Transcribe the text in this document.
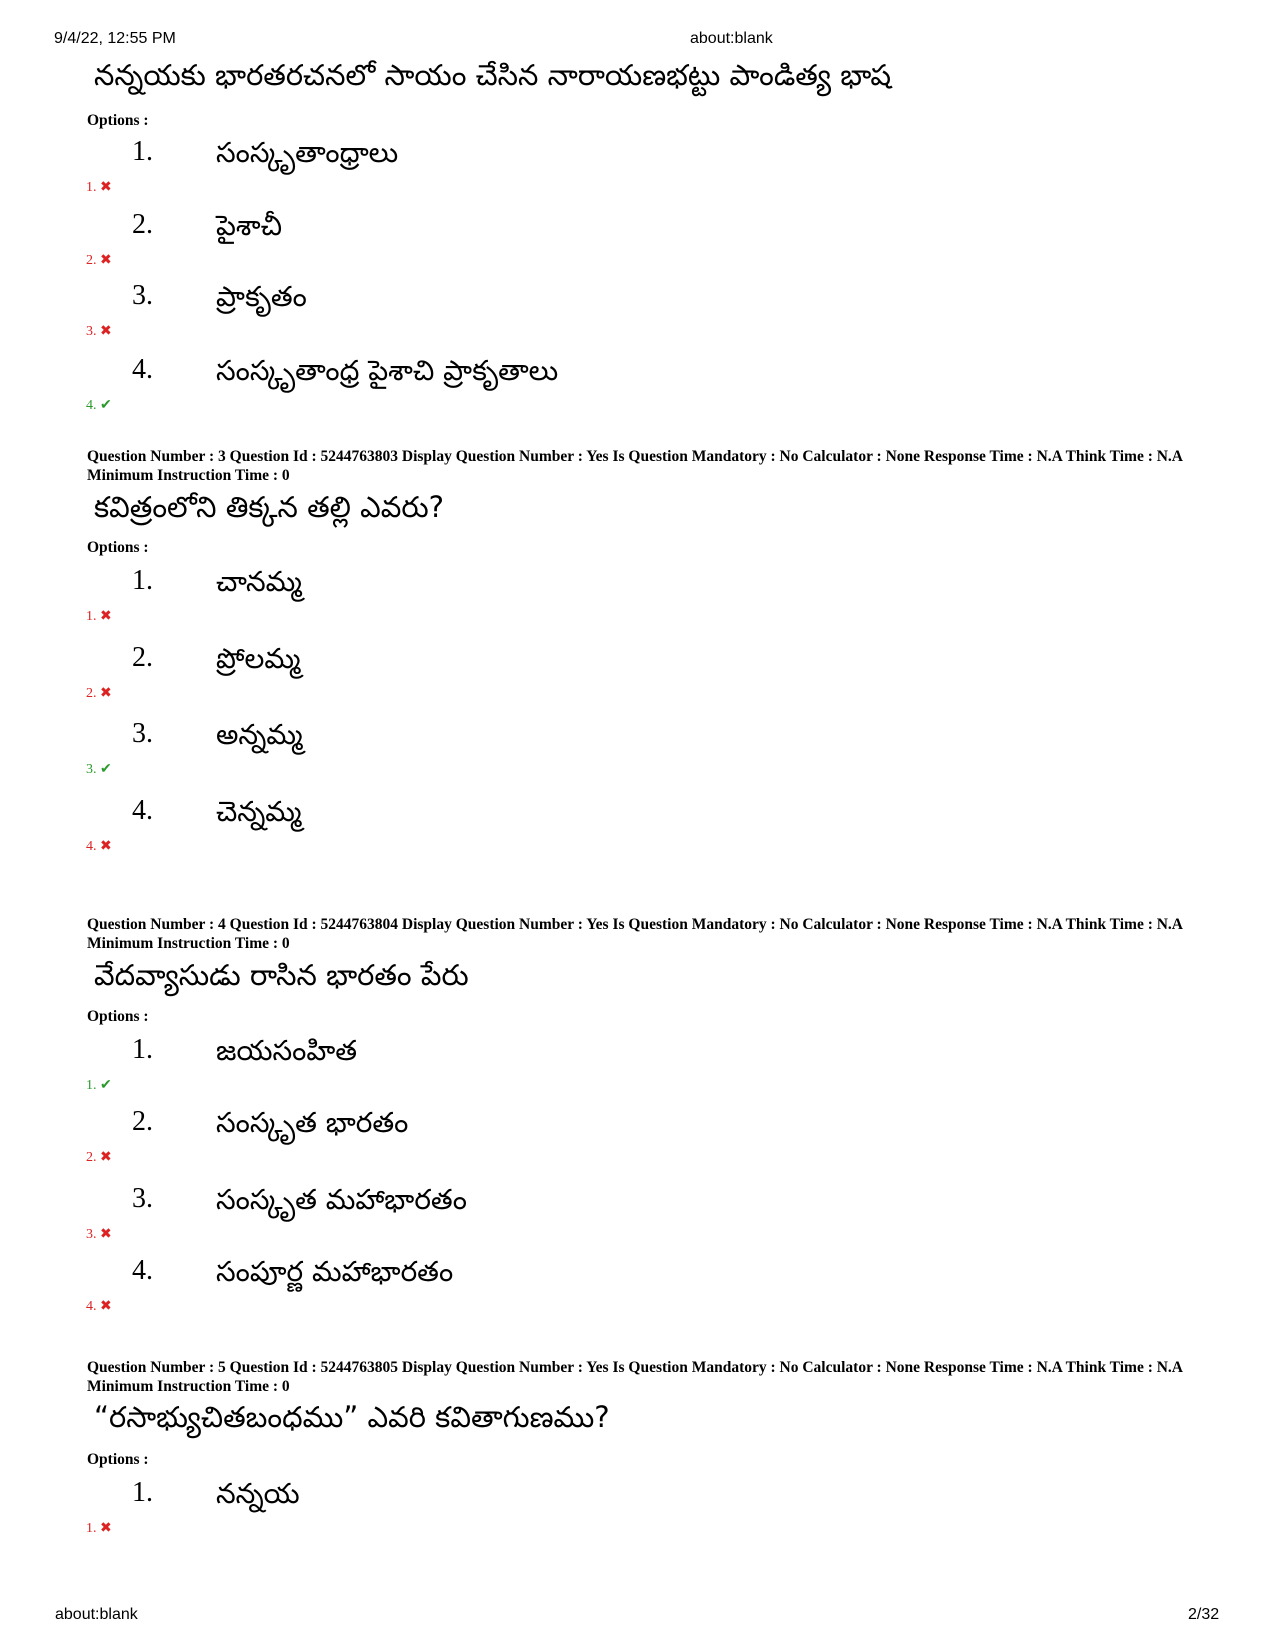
9/4/22, 12:55 PM	about:blank
నన్నయకు భారతరచనలో సాయం చేసిన నారాయణభట్టు పాండిత్య భాష
Options :
1. ✖
1. సంస్కృతాంధ్రాలు
2. ✖
2. పైశాచీ
3. ✖
3. ప్రాకృతం
4. ✔
4. సంస్కృతాంధ్ర పైశాచి ప్రాకృతాలు
Question Number : 3 Question Id : 5244763803 Display Question Number : Yes Is Question Mandatory : No Calculator : None Response Time : N.A Think Time : N.A Minimum Instruction Time : 0
కవిత్రంలోని తిక్కన తల్లి ఎవరు?
Options :
1. ✖
1. చానమ్మ
2. ✖
2. ప్రోలమ్మ
3. ✔
3. అన్నమ్మ
4. ✖
4. చెన్నమ్మ
Question Number : 4 Question Id : 5244763804 Display Question Number : Yes Is Question Mandatory : No Calculator : None Response Time : N.A Think Time : N.A Minimum Instruction Time : 0
వేదవ్యాసుడు రాసిన భారతం పేరు
Options :
1. ✔
1. జయసంహిత
2. ✖
2. సంస్కృత భారతం
3. ✖
3. సంస్కృత మహాభారతం
4. ✖
4. సంపూర్ణ మహాభారతం
Question Number : 5 Question Id : 5244763805 Display Question Number : Yes Is Question Mandatory : No Calculator : None Response Time : N.A Think Time : N.A Minimum Instruction Time : 0
“రసాభ్యుచితబంధము” ఎవరి కవితాగుణము?
Options :
1. ✖
1. నన్నయ
about:blank	2/32
